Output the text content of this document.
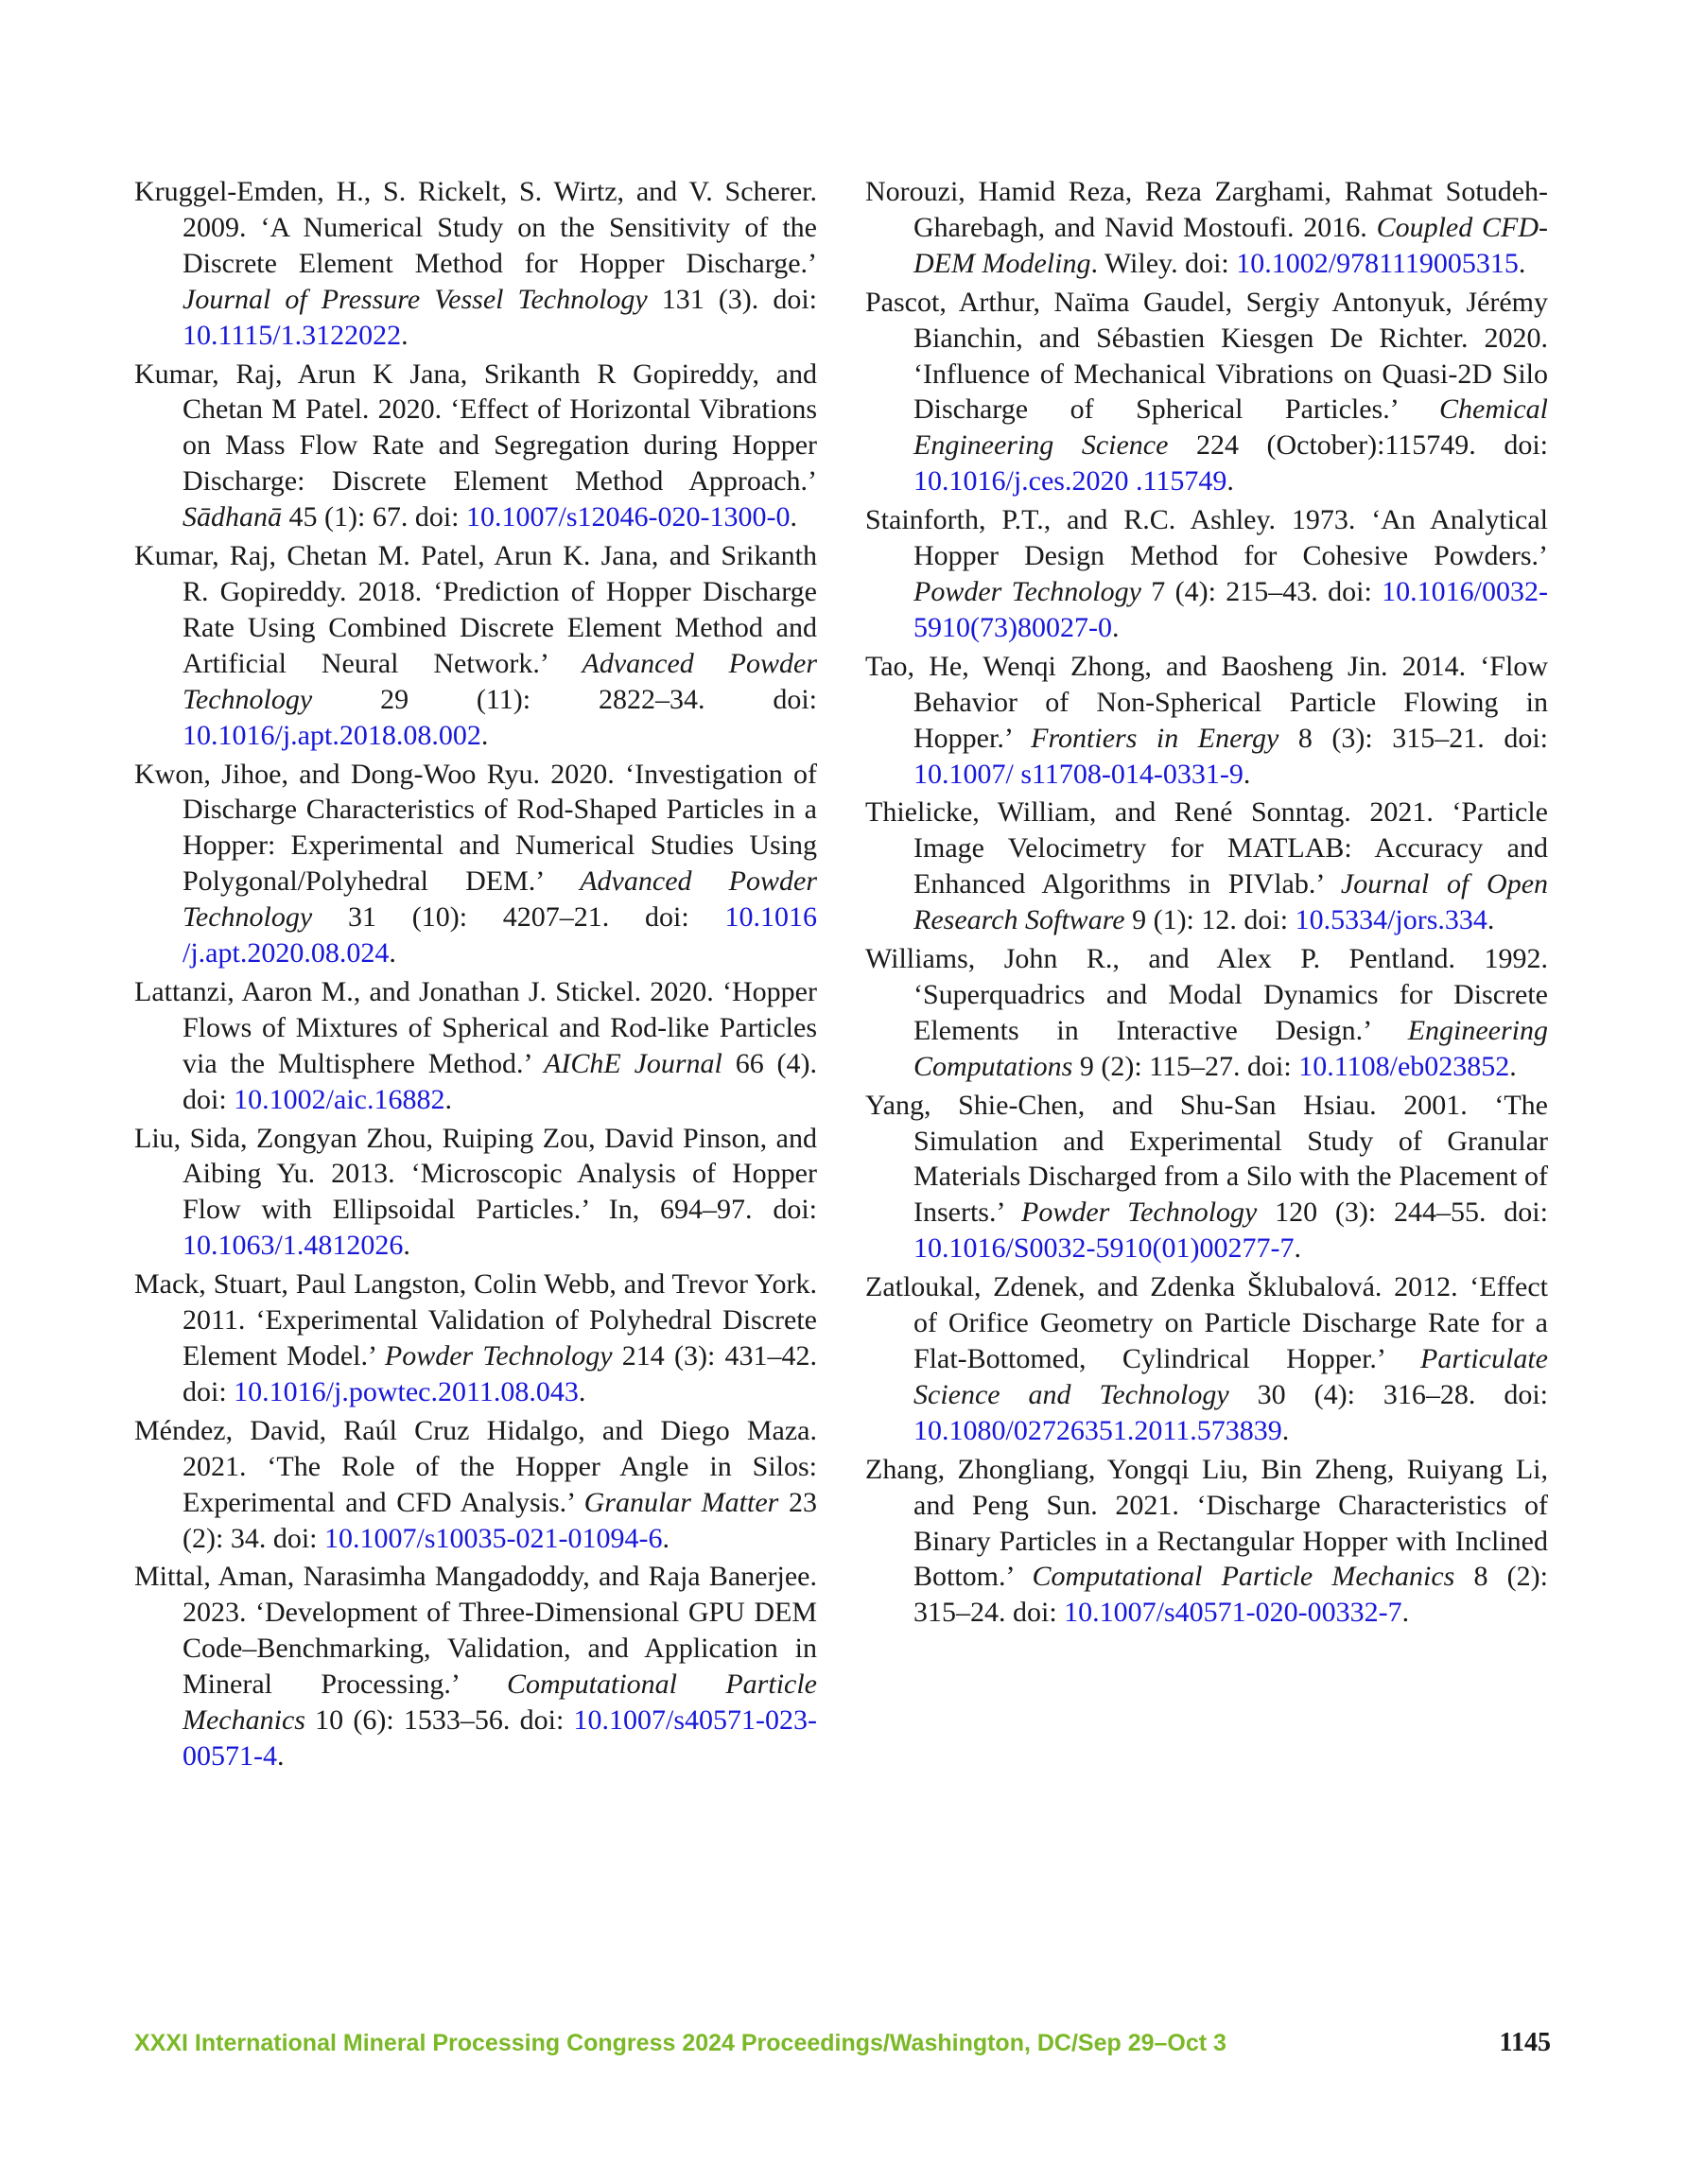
Kruggel-Emden, H., S. Rickelt, S. Wirtz, and V. Scherer. 2009. ‘A Numerical Study on the Sensitivity of the Discrete Element Method for Hopper Discharge.’ Journal of Pressure Vessel Technology 131 (3). doi: 10.1115/1.3122022.

Kumar, Raj, Arun K Jana, Srikanth R Gopireddy, and Chetan M Patel. 2020. ‘Effect of Horizontal Vibrations on Mass Flow Rate and Segregation during Hopper Discharge: Discrete Element Method Approach.’ Sādhanā 45 (1): 67. doi: 10.1007/s12046-020-1300-0.

Kumar, Raj, Chetan M. Patel, Arun K. Jana, and Srikanth R. Gopireddy. 2018. ‘Prediction of Hopper Discharge Rate Using Combined Discrete Element Method and Artificial Neural Network.’ Advanced Powder Technology 29 (11): 2822–34. doi: 10.1016/j.apt.2018.08.002.

Kwon, Jihoe, and Dong-Woo Ryu. 2020. ‘Investigation of Discharge Characteristics of Rod-Shaped Particles in a Hopper: Experimental and Numerical Studies Using Polygonal/Polyhedral DEM.’ Advanced Powder Technology 31 (10): 4207–21. doi: 10.1016 /j.apt.2020.08.024.

Lattanzi, Aaron M., and Jonathan J. Stickel. 2020. ‘Hopper Flows of Mixtures of Spherical and Rod-like Particles via the Multisphere Method.’ AIChE Journal 66 (4). doi: 10.1002/aic.16882.

Liu, Sida, Zongyan Zhou, Ruiping Zou, David Pinson, and Aibing Yu. 2013. ‘Microscopic Analysis of Hopper Flow with Ellipsoidal Particles.’ In, 694–97. doi: 10.1063/1.4812026.

Mack, Stuart, Paul Langston, Colin Webb, and Trevor York. 2011. ‘Experimental Validation of Polyhedral Discrete Element Model.’ Powder Technology 214 (3): 431–42. doi: 10.1016/j.powtec.2011.08.043.

Méndez, David, Raúl Cruz Hidalgo, and Diego Maza. 2021. ‘The Role of the Hopper Angle in Silos: Experimental and CFD Analysis.’ Granular Matter 23 (2): 34. doi: 10.1007/s10035-021-01094-6.

Mittal, Aman, Narasimha Mangadoddy, and Raja Banerjee. 2023. ‘Development of Three-Dimensional GPU DEM Code–Benchmarking, Validation, and Application in Mineral Processing.’ Computational Particle Mechanics 10 (6): 1533–56. doi: 10.1007/s40571-023-00571-4.

Norouzi, Hamid Reza, Reza Zarghami, Rahmat Sotudeh-Gharebagh, and Navid Mostoufi. 2016. Coupled CFD-DEM Modeling. Wiley. doi: 10.1002/9781119005315.

Pascot, Arthur, Naïma Gaudel, Sergiy Antonyuk, Jérémy Bianchin, and Sébastien Kiesgen De Richter. 2020. ‘Influence of Mechanical Vibrations on Quasi-2D Silo Discharge of Spherical Particles.’ Chemical Engineering Science 224 (October):115749. doi: 10.1016/j.ces.2020 .115749.

Stainforth, P.T., and R.C. Ashley. 1973. ‘An Analytical Hopper Design Method for Cohesive Powders.’ Powder Technology 7 (4): 215–43. doi: 10.1016/0032-5910(73)80027-0.

Tao, He, Wenqi Zhong, and Baosheng Jin. 2014. ‘Flow Behavior of Non-Spherical Particle Flowing in Hopper.’ Frontiers in Energy 8 (3): 315–21. doi: 10.1007/ s11708-014-0331-9.

Thielicke, William, and René Sonntag. 2021. ‘Particle Image Velocimetry for MATLAB: Accuracy and Enhanced Algorithms in PIVlab.’ Journal of Open Research Software 9 (1): 12. doi: 10.5334/jors.334.

Williams, John R., and Alex P. Pentland. 1992. ‘Superquadrics and Modal Dynamics for Discrete Elements in Interactive Design.’ Engineering Computations 9 (2): 115–27. doi: 10.1108/eb023852.

Yang, Shie-Chen, and Shu-San Hsiau. 2001. ‘The Simulation and Experimental Study of Granular Materials Discharged from a Silo with the Placement of Inserts.’ Powder Technology 120 (3): 244–55. doi: 10.1016/S0032-5910(01)00277-7.

Zatloukal, Zdenek, and Zdenka Šklubalová. 2012. ‘Effect of Orifice Geometry on Particle Discharge Rate for a Flat-Bottomed, Cylindrical Hopper.’ Particulate Science and Technology 30 (4): 316–28. doi: 10.1080/02726351.2011.573839.

Zhang, Zhongliang, Yongqi Liu, Bin Zheng, Ruiyang Li, and Peng Sun. 2021. ‘Discharge Characteristics of Binary Particles in a Rectangular Hopper with Inclined Bottom.’ Computational Particle Mechanics 8 (2): 315–24. doi: 10.1007/s40571-020-00332-7.

XXXI International Mineral Processing Congress 2024 Proceedings/Washington, DC/Sep 29–Oct 3	1145
